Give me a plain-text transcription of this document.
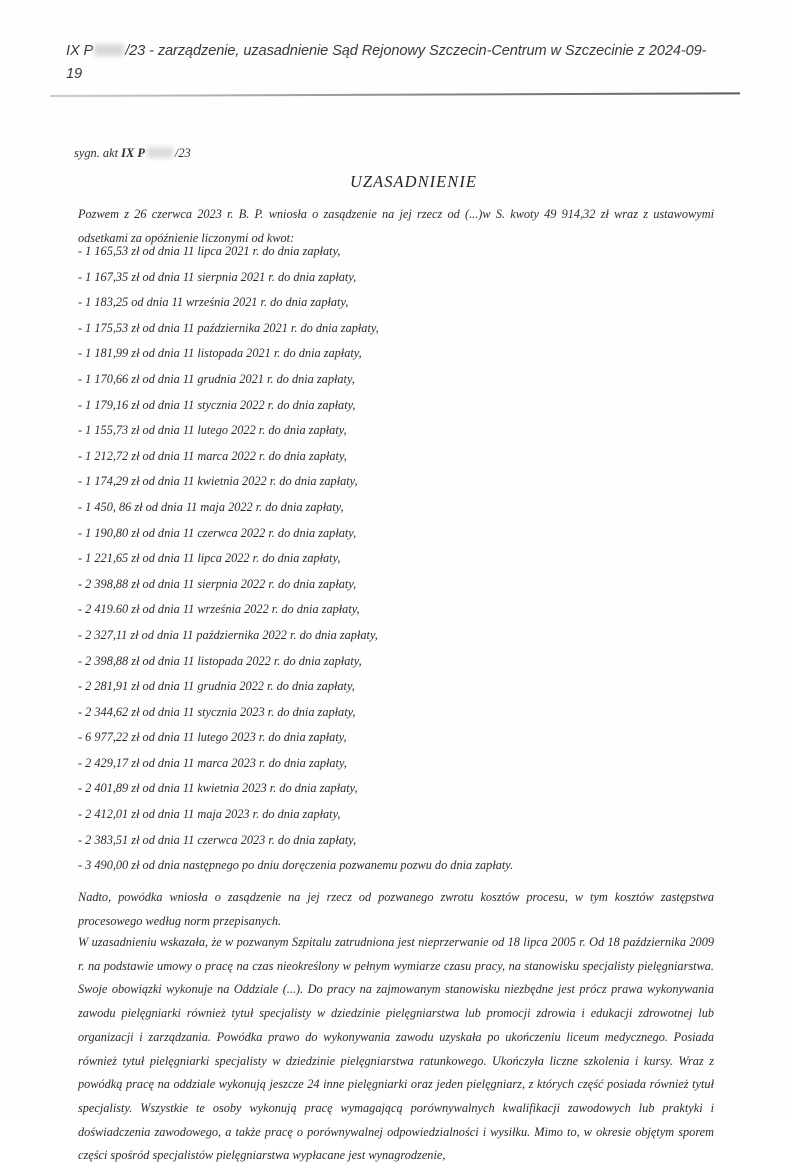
IX P /23 - zarządzenie, uzasadnienie Sąd Rejonowy Szczecin-Centrum w Szczecinie z 2024-09-19
sygn. akt IX P /23
UZASADNIENIE
Pozwem z 26 czerwca 2023 r. B. P. wniosła o zasądzenie na jej rzecz od (...)w S. kwoty 49 914,32 zł wraz z ustawowymi odsetkami za opóźnienie liczonymi od kwot:
- 1 165,53 zł od dnia 11 lipca 2021 r. do dnia zapłaty,
- 1 167,35 zł od dnia 11 sierpnia 2021 r. do dnia zapłaty,
- 1 183,25 od dnia 11 września 2021 r. do dnia zapłaty,
- 1 175,53 zł od dnia 11 października 2021 r. do dnia zapłaty,
- 1 181,99 zł od dnia 11 listopada 2021 r. do dnia zapłaty,
- 1 170,66 zł od dnia 11 grudnia 2021 r. do dnia zapłaty,
- 1 179,16 zł od dnia 11 stycznia 2022 r. do dnia zapłaty,
- 1 155,73 zł od dnia 11 lutego 2022 r. do dnia zapłaty,
- 1 212,72 zł od dnia 11 marca 2022 r. do dnia zapłaty,
- 1 174,29 zł od dnia 11 kwietnia 2022 r. do dnia zapłaty,
- 1 450, 86 zł od dnia 11 maja 2022 r. do dnia zapłaty,
- 1 190,80 zł od dnia 11 czerwca 2022 r. do dnia zapłaty,
- 1 221,65 zł od dnia 11 lipca 2022 r. do dnia zapłaty,
- 2 398,88 zł od dnia 11 sierpnia 2022 r. do dnia zapłaty,
- 2 419.60 zł od dnia 11 września 2022 r. do dnia zapłaty,
- 2 327,11 zł od dnia 11 października 2022 r. do dnia zapłaty,
- 2 398,88 zł od dnia 11 listopada 2022 r. do dnia zapłaty,
- 2 281,91 zł od dnia 11 grudnia 2022 r. do dnia zapłaty,
- 2 344,62 zł od dnia 11 stycznia 2023 r. do dnia zapłaty,
- 6 977,22 zł od dnia 11 lutego 2023 r. do dnia zapłaty,
- 2 429,17 zł od dnia 11 marca 2023 r. do dnia zapłaty,
- 2 401,89 zł od dnia 11 kwietnia 2023 r. do dnia zapłaty,
- 2 412,01 zł od dnia 11 maja 2023 r. do dnia zapłaty,
- 2 383,51 zł od dnia 11 czerwca 2023 r. do dnia zapłaty,
- 3 490,00 zł od dnia następnego po dniu doręczenia pozwanemu pozwu do dnia zapłaty.
Nadto, powódka wniosła o zasądzenie na jej rzecz od pozwanego zwrotu kosztów procesu, w tym kosztów zastępstwa procesowego według norm przepisanych.
W uzasadnieniu wskazała, że w pozwanym Szpitalu zatrudniona jest nieprzerwanie od 18 lipca 2005 r. Od 18 października 2009 r. na podstawie umowy o pracę na czas nieokreślony w pełnym wymiarze czasu pracy, na stanowisku specjalisty pielęgniarstwa. Swoje obowiązki wykonuje na Oddziale (...). Do pracy na zajmowanym stanowisku niezbędne jest prócz prawa wykonywania zawodu pielęgniarki również tytuł specjalisty w dziedzinie pielęgniarstwa lub promocji zdrowia i edukacji zdrowotnej lub organizacji i zarządzania. Powódka prawo do wykonywania zawodu uzyskała po ukończeniu liceum medycznego. Posiada również tytuł pielęgniarki specjalisty w dziedzinie pielęgniarstwa ratunkowego. Ukończyła liczne szkolenia i kursy. Wraz z powódką pracę na oddziale wykonują jeszcze 24 inne pielęgniarki oraz jeden pielęgniarz, z których część posiada również tytuł specjalisty. Wszystkie te osoby wykonują pracę wymagającą porównywalnych kwalifikacji zawodowych lub praktyki i doświadczenia zawodowego, a także pracę o porównywalnej odpowiedzialności i wysiłku. Mimo to, w okresie objętym sporem części spośród specjalistów pielęgniarstwa wypłacane jest wynagrodzenie,
